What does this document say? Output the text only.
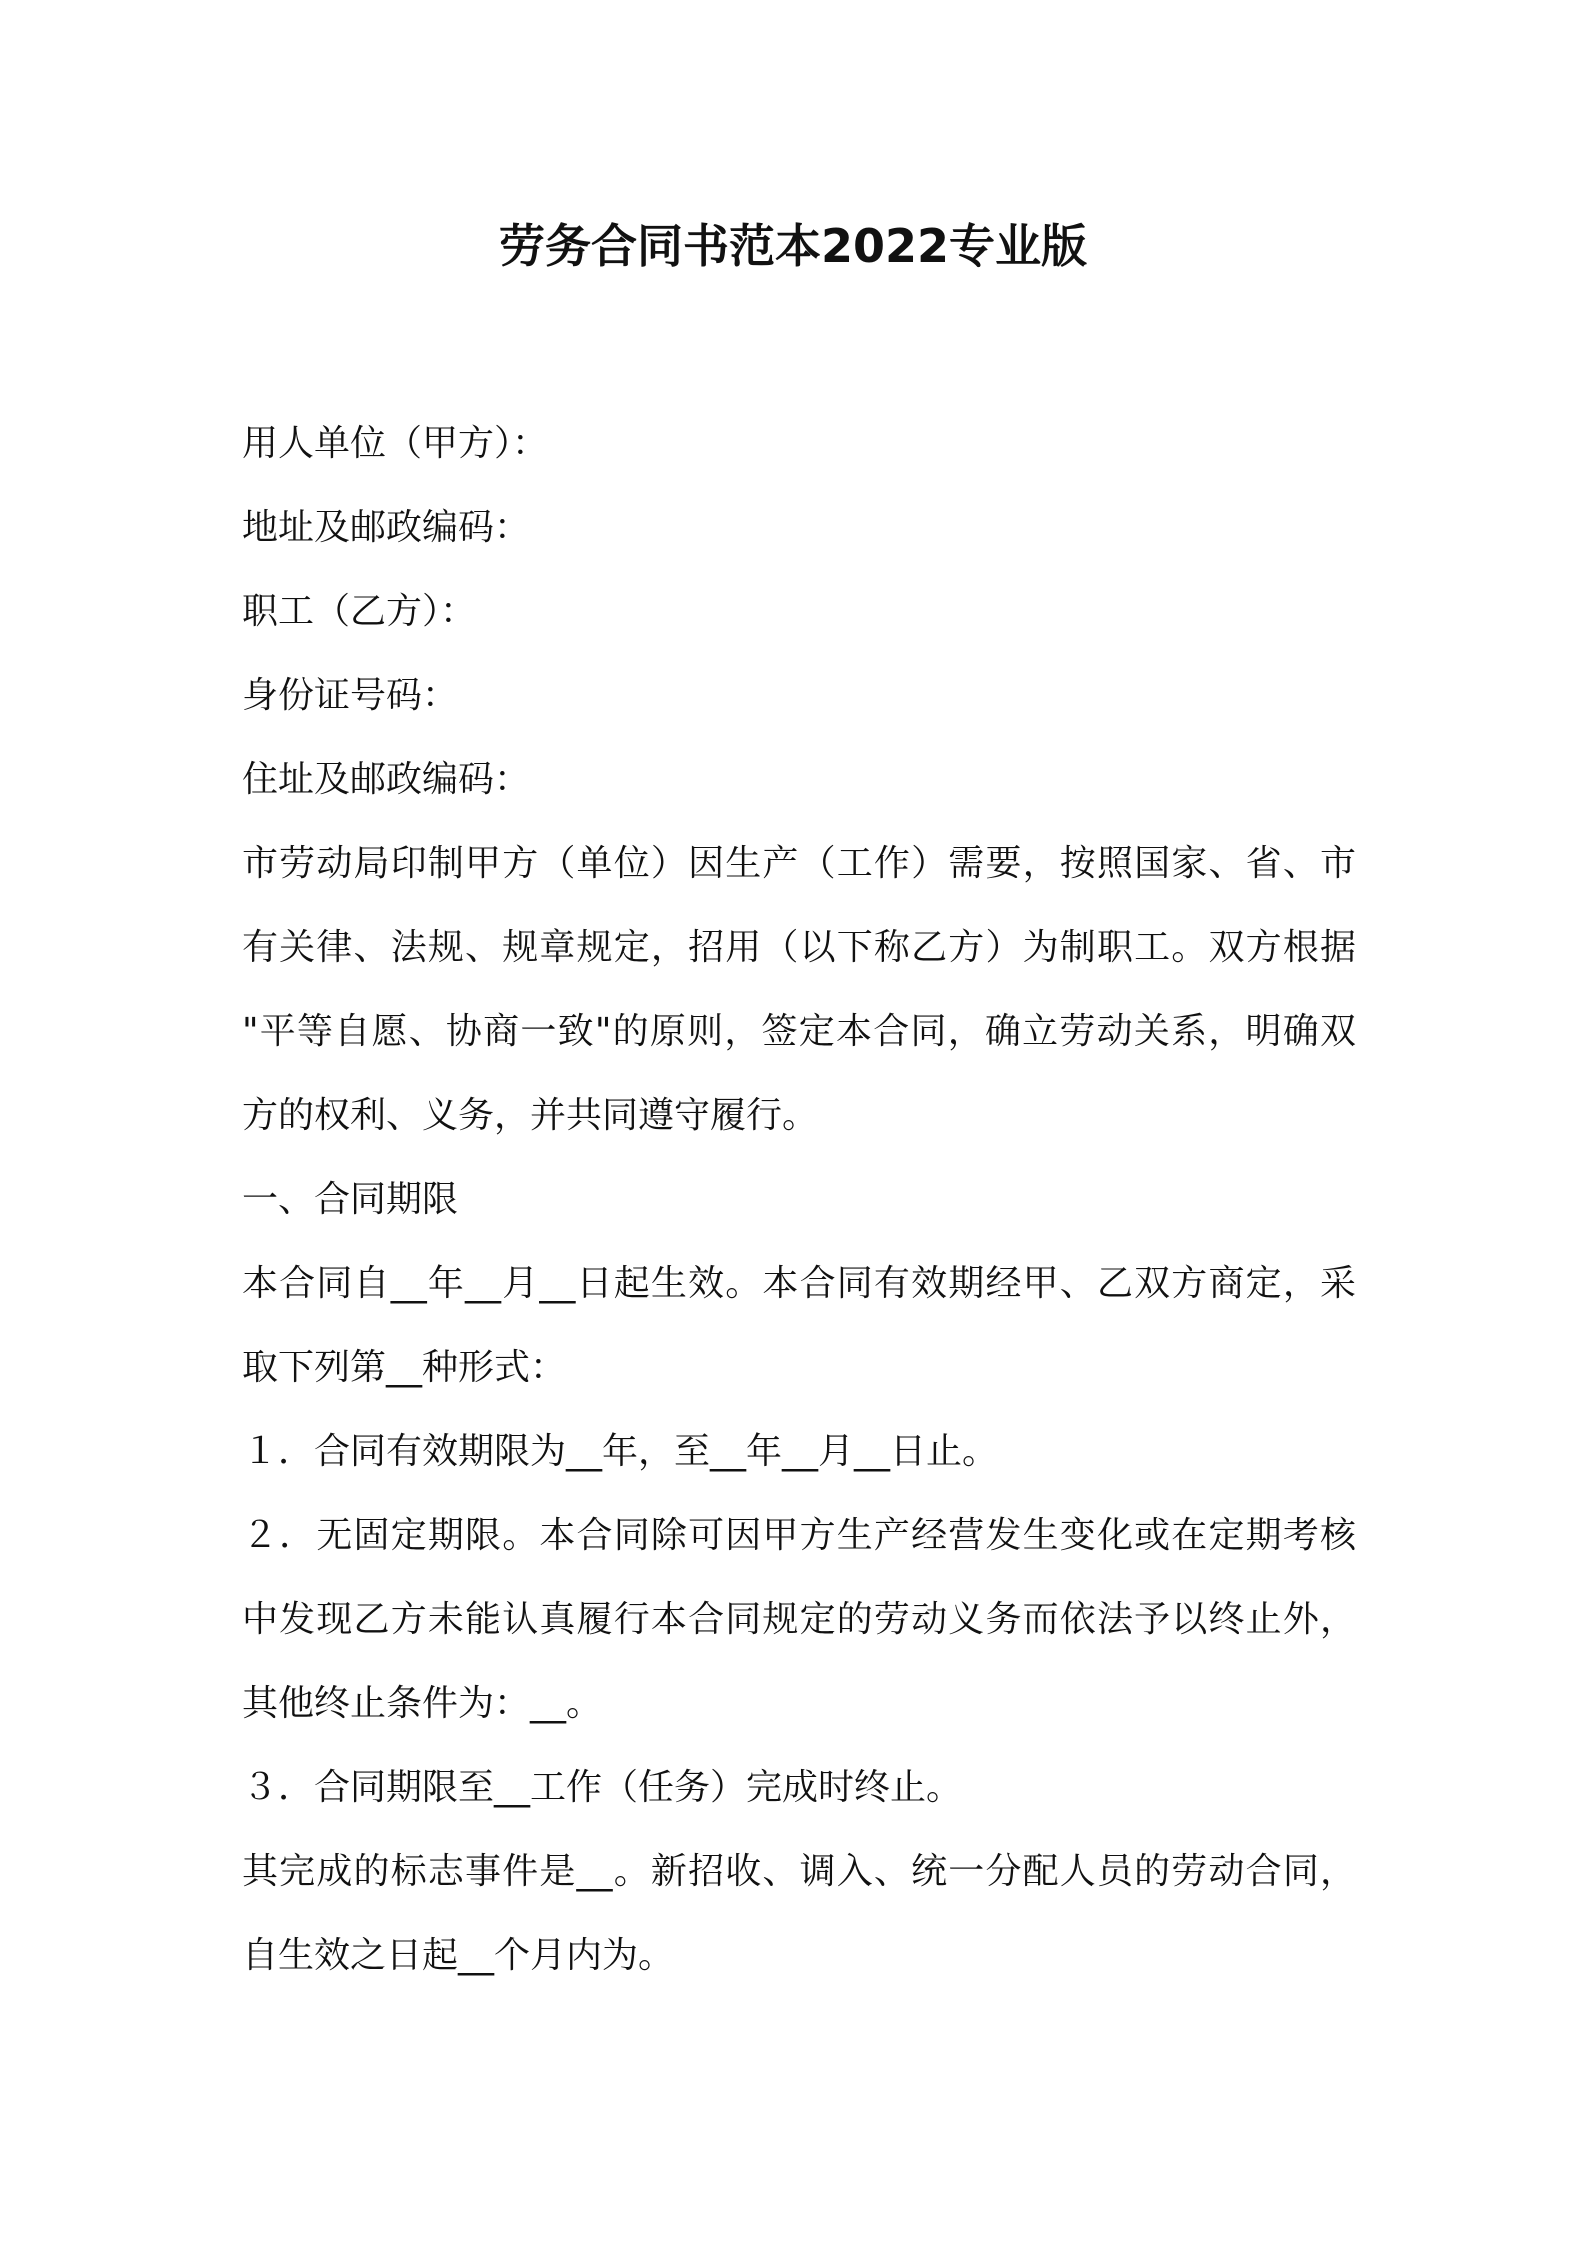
劳务合同书范本2022专业版
用人单位（甲方）：
地址及邮政编码：
职工（乙方）：
身份证号码：
住址及邮政编码：
市劳动局印制甲方（单位）因生产（工作）需要，按照国家、省、市
有关律、法规、规章规定，招用（以下称乙方）为制职工。双方根据
"平等自愿、协商一致"的原则，签定本合同，确立劳动关系，明确双
方的权利、义务，并共同遵守履行。
一、合同期限
本合同自__年__月__日起生效。本合同有效期经甲、乙双方商定，采
取下列第__种形式：
１．合同有效期限为__年，至__年__月__日止。
２．无固定期限。本合同除可因甲方生产经营发生变化或在定期考核
中发现乙方未能认真履行本合同规定的劳动义务而依法予以终止外，
其他终止条件为：__。
３．合同期限至__工作（任务）完成时终止。
其完成的标志事件是__。新招收、调入、统一分配人员的劳动合同，
自生效之日起__个月内为。
